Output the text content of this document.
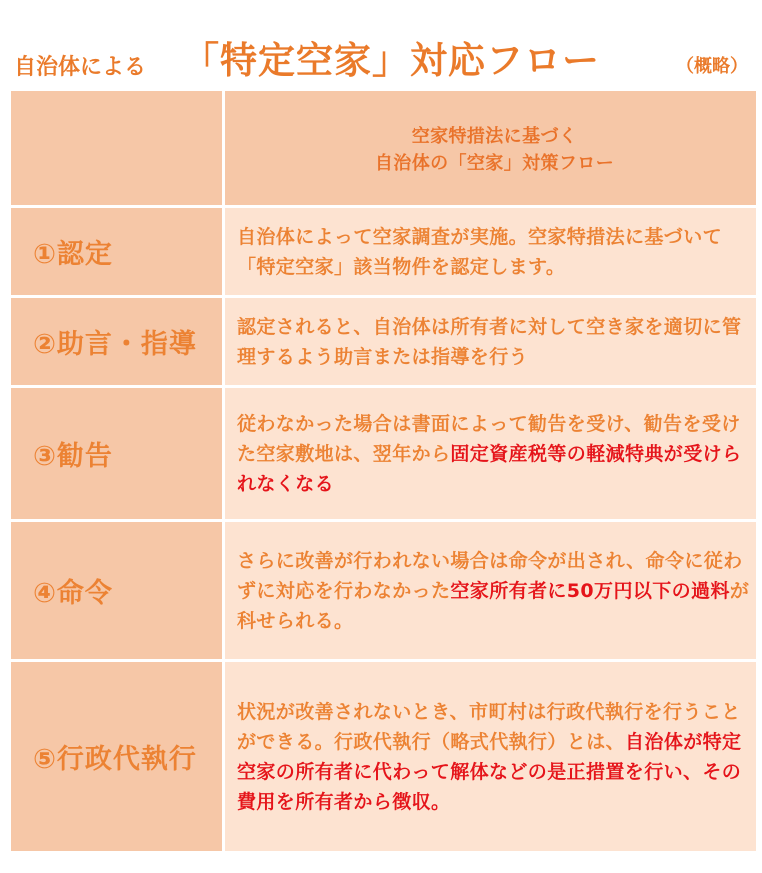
自治体による 「特定空家」対応フロー	（概略）
空家特措法に基づく
自治体の「空家」対策フロー
①認定
自治体によって空家調査が実施。空家特措法に基づいて「特定空家」該当物件を認定します。
②助言・指導
認定されると、自治体は所有者に対して空き家を適切に管理するよう助言または指導を行う
③勧告
従わなかった場合は書面によって勧告を受け、勧告を受けた空家敷地は、翌年から固定資産税等の軽減特典が受けられなくなる
④命令
さらに改善が行われない場合は命令が出され、命令に従わずに対応を行わなかった空家所有者に50万円以下の過料が科せられる。
⑤行政代執行
状況が改善されないとき、市町村は行政代執行を行うことができる。行政代執行（略式代執行）とは、自治体が特定空家の所有者に代わって解体などの是正措置を行い、その費用を所有者から徴収。
